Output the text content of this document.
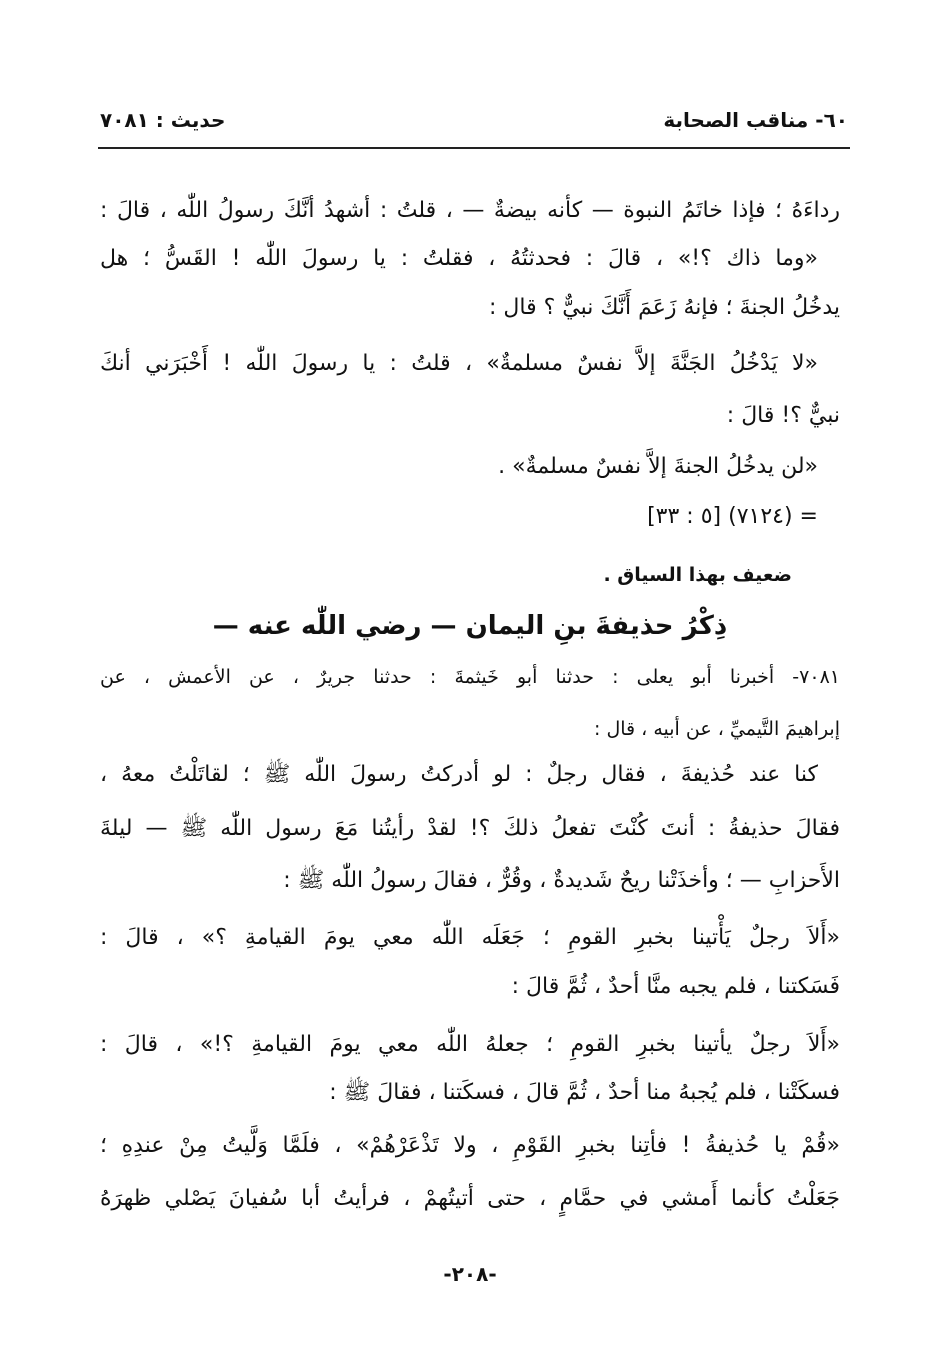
٦٠- مناقب الصحابة
حديث : ٧٠٨١
رداءَهُ ؛ فإذا خاتَمُ النبوة — كأنه بيضةٌ — ، قلتُ : أشهدُ أنَّكَ رسولُ اللّٰه ، قالَ :
«وما ذاك ؟!» ، قالَ : فحدثتُهُ ، فقلتُ : يا رسولَ اللّٰه ! القَسُّ ؛ هل
يدخُلُ الجنةَ ؛ فإنهُ زَعَمَ أَنَّكَ نبيٌّ ؟ قال :
«لا يَدْخُلُ الجَنَّةَ إلاَّ نفسٌ مسلمةٌ» ، قلتُ : يا رسولَ اللّٰه ! أَخْبَرَني أنكَ
نبيٌّ ؟! قالَ :
«لن يدخُلُ الجنةَ إلاَّ نفسٌ مسلمةٌ» .
= (٧١٢٤) [٥ : ٣٣]
ضعيف بهذا السياق .
ذِكْرُ حذيفةَ بنِ اليمان — رضي اللّٰه عنه —
٧٠٨١- أخبرنا أبو يعلى : حدثنا أبو خَيثمةَ : حدثنا جريرٌ ، عن الأعمش ، عن
إبراهيمَ التَّيميِّ ، عن أبيه ، قال :
كنا عند حُذيفةَ ، فقال رجلٌ : لو أدركتُ رسولَ اللّٰه ﷺ ؛ لقاتَلْتُ معهُ ،
فقالَ حذيفةُ : أنتَ كُنْتَ تفعلُ ذلكَ ؟! لقدْ رأيتُنا مَعَ رسول اللّٰه ﷺ — ليلةَ
الأَحزابِ — ؛ وأخذَتْنا ريحٌ شَديدةٌ ، وقُرٌّ ، فقالَ رسولُ اللّٰه ﷺ :
«أَلاَ رجلٌ يَأْتينا بخبرِ القومِ ؛ جَعَلَه اللّٰه معي يومَ القيامةِ ؟» ، قالَ :
فَسَكتنا ، فلم يجبه منَّا أحدٌ ، ثُمَّ قالَ :
«أَلاَ رجلٌ يأتينا بخبرِ القومِ ؛ جعلهُ اللّٰه معي يومَ القيامةِ ؟!» ، قالَ :
فسكَتْنا ، فلم يُجبهُ منا أحدٌ ، ثُمَّ قالَ ، فسكَتنا ، فقالَ ﷺ :
«قُمْ يا حُذيفةُ ! فأتِنا بخبرِ القَوْمِ ، ولا تَذْعَرْهُمْ» ، فلَمَّا وَلَّيتُ مِنْ عندِهِ ؛
جَعَلْتُ كأنما أَمشي في حمَّامٍ ، حتى أتيتُهمْ ، فرأيتُ أبا سُفيانَ يَصْلي ظهرَهُ
-٢٠٨-
